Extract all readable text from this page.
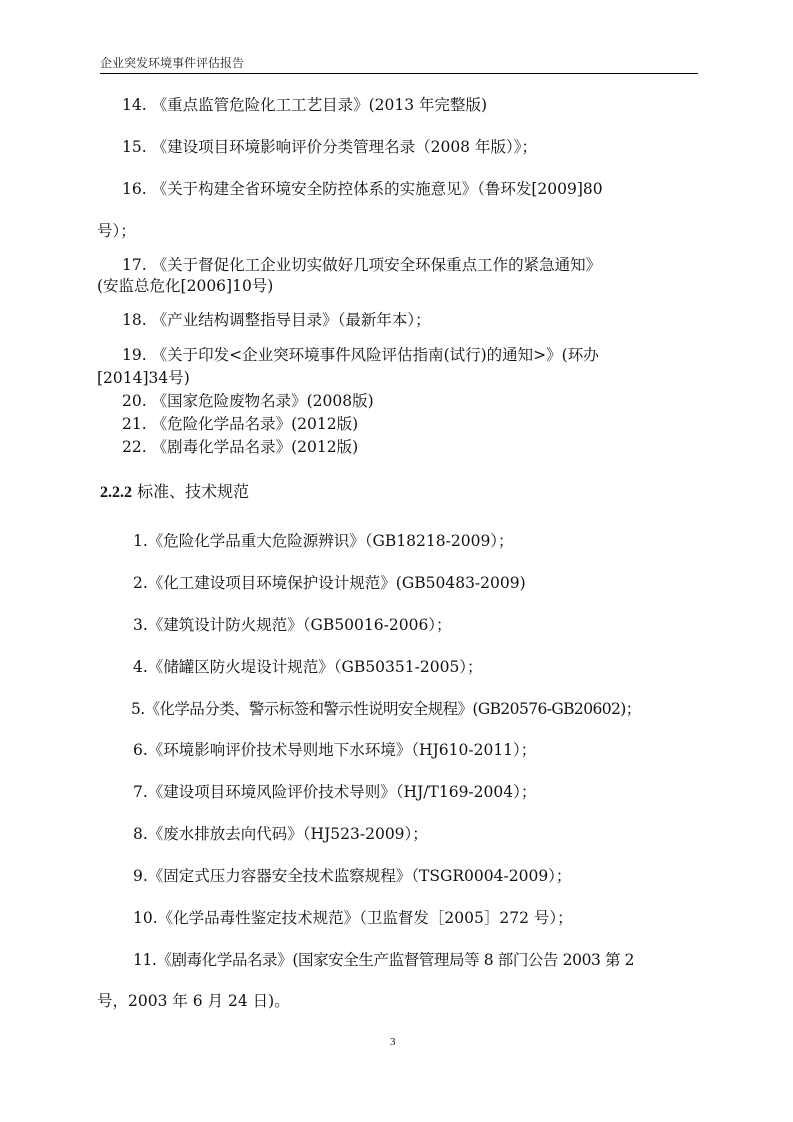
企业突发环境事件评估报告
14. 《重点监管危险化工工艺目录》(2013 年完整版)
15. 《建设项目环境影响评价分类管理名录（2008 年版）》；
16. 《关于构建全省环境安全防控体系的实施意见》（鲁环发[2009]80
号）；
17. 《关于督促化工企业切实做好几项安全环保重点工作的紧急通知》
(安监总危化[2006]10号)
18. 《产业结构调整指导目录》（最新年本）；
19. 《关于印发<企业突环境事件风险评估指南(试行)的通知>》(环办
[2014]34号)
20. 《国家危险废物名录》(2008版)
21. 《危险化学品名录》(2012版)
22. 《剧毒化学品名录》(2012版)
2.2.2 标准、技术规范
1.《危险化学品重大危险源辨识》（GB18218-2009）；
2.《化工建设项目环境保护设计规范》(GB50483-2009)
3.《建筑设计防火规范》（GB50016-2006）；
4.《储罐区防火堤设计规范》（GB50351-2005）；
5.《化学品分类、警示标签和警示性说明安全规程》(GB20576-GB20602)；
6.《环境影响评价技术导则地下水环境》（HJ610-2011）；
7.《建设项目环境风险评价技术导则》（HJ/T169-2004）；
8.《废水排放去向代码》（HJ523-2009）；
9.《固定式压力容器安全技术监察规程》（TSGR0004-2009）；
10.《化学品毒性鉴定技术规范》（卫监督发［2005］272 号）；
11.《剧毒化学品名录》(国家安全生产监督管理局等 8 部门公告 2003 第 2
号，2003 年 6 月 24 日)。
3
